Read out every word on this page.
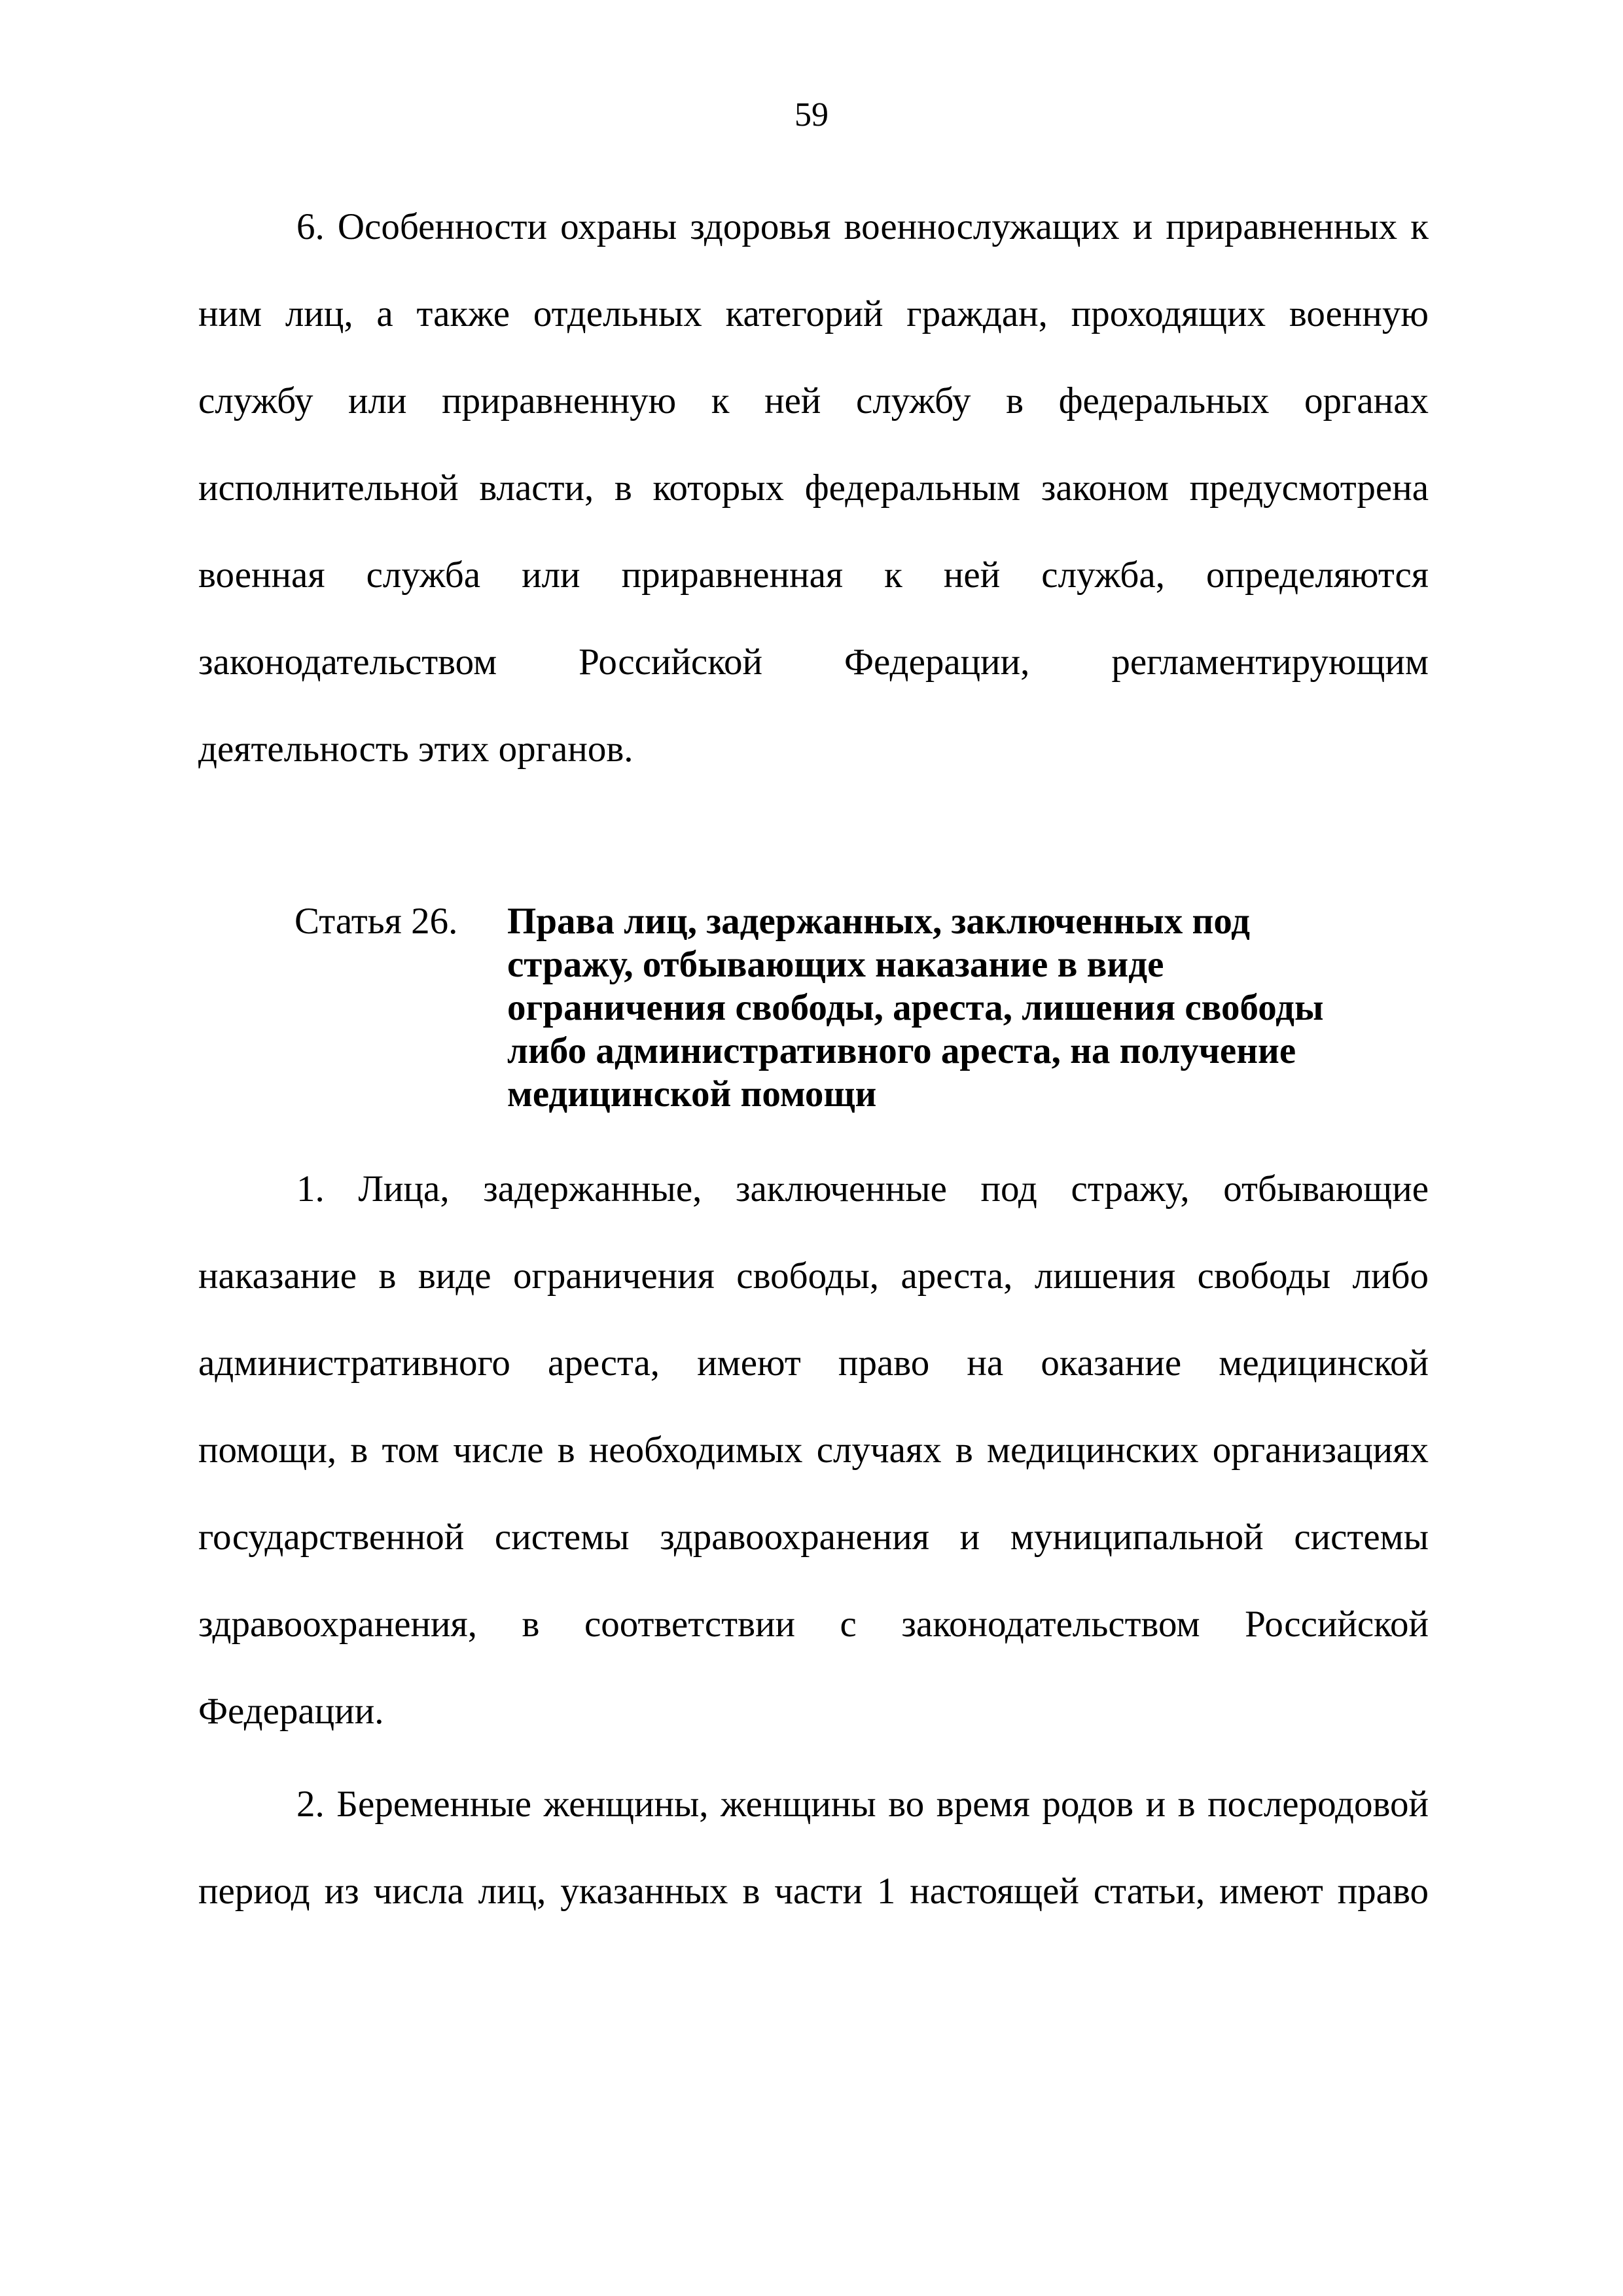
59
6. Особенности охраны здоровья военнослужащих и приравненных к
ним лиц, а также отдельных категорий граждан, проходящих военную
службу или приравненную к ней службу в федеральных органах
исполнительной власти, в которых федеральным законом предусмотрена
военная служба или приравненная к ней служба, определяются
законодательством Российской Федерации, регламентирующим
деятельность этих органов.
Статья 26. Права лиц, задержанных, заключенных под
стражу, отбывающих наказание в виде
ограничения свободы, ареста, лишения свободы
либо административного ареста, на получение
медицинской помощи
1. Лица, задержанные, заключенные под стражу, отбывающие
наказание в виде ограничения свободы, ареста, лишения свободы либо
административного ареста, имеют право на оказание медицинской
помощи, в том числе в необходимых случаях в медицинских организациях
государственной системы здравоохранения и муниципальной системы
здравоохранения, в соответствии с законодательством Российской
Федерации.
2. Беременные женщины, женщины во время родов и в послеродовой
период из числа лиц, указанных в части 1 настоящей статьи, имеют право
